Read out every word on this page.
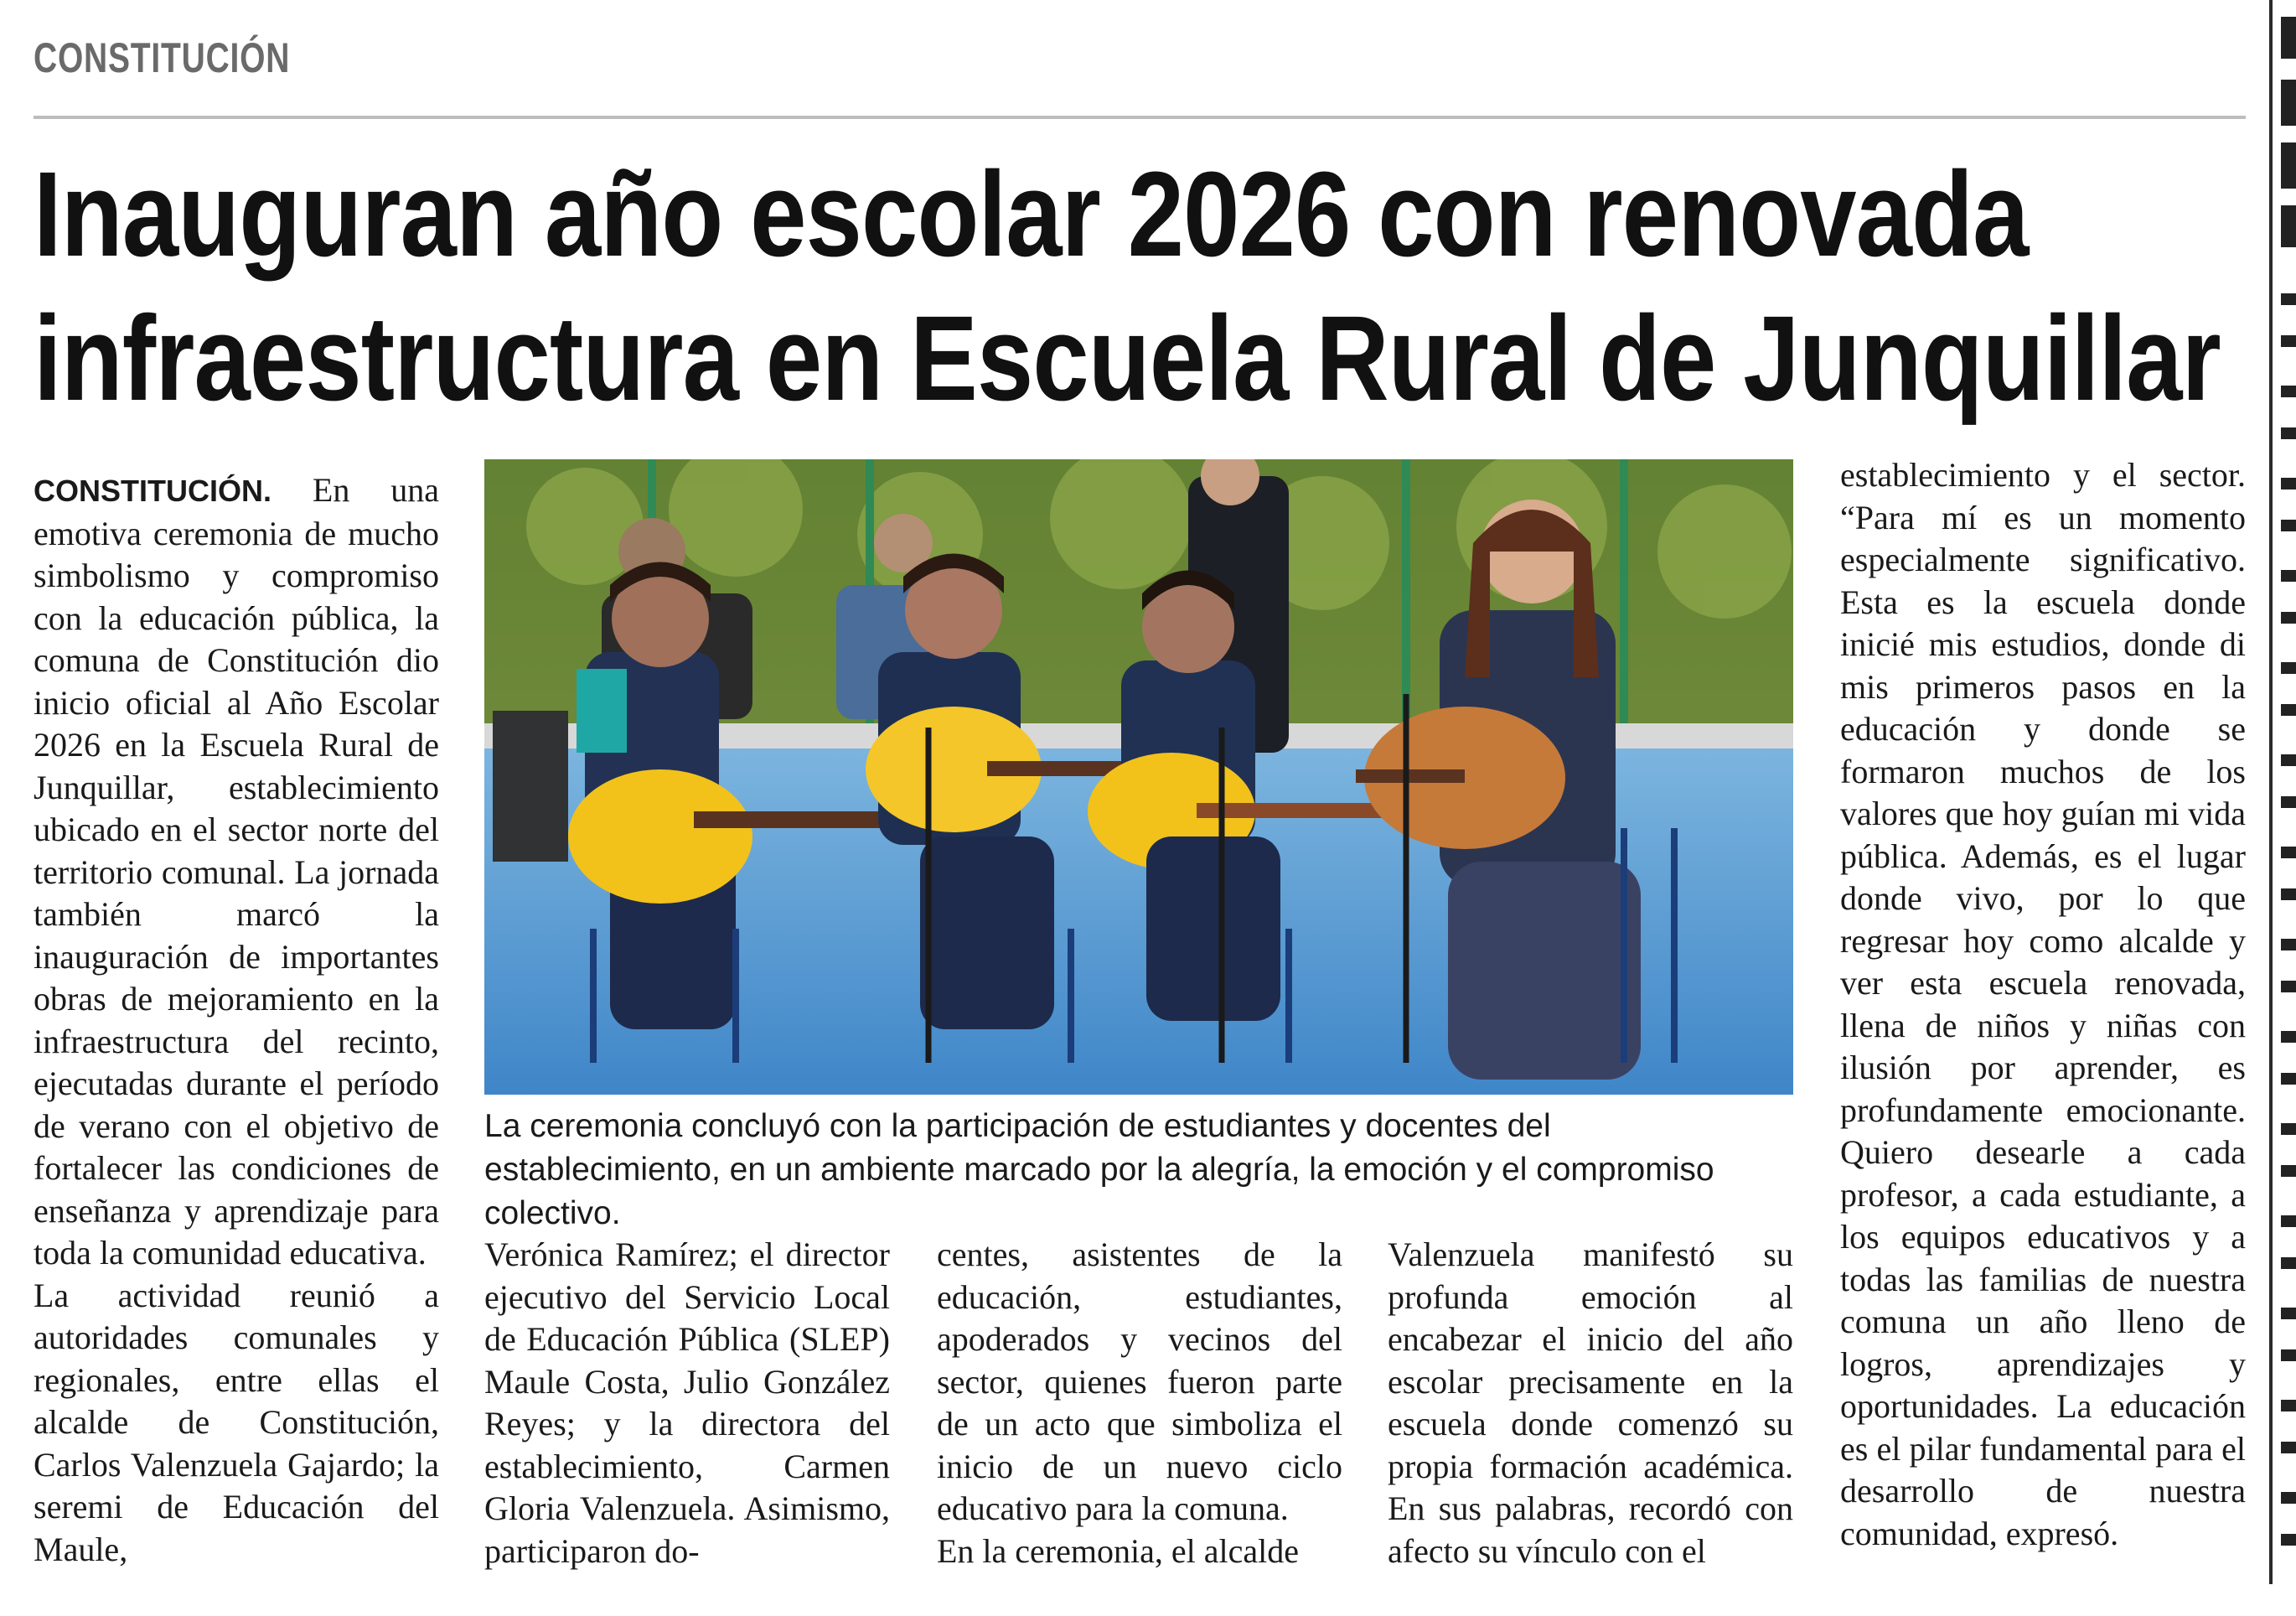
CONSTITUCIÓN
Inauguran año escolar 2026 con renovada
infraestructura en Escuela Rural de Junquillar

CONSTITUCIÓN. En una emotiva ceremonia de mucho simbolismo y compromiso con la educación pública, la comuna de Constitución dio inicio oficial al Año Escolar 2026 en la Escuela Rural de Junquillar, establecimiento ubicado en el sector norte del territorio comunal. La jornada también marcó la inauguración de importantes obras de mejoramiento en la infraestructura del recinto, ejecutadas durante el período de verano con el objetivo de fortalecer las condiciones de enseñanza y aprendizaje para toda la comunidad educativa.

La actividad reunió a autoridades comunales y regionales, entre ellas el alcalde de Constitución, Carlos Valenzuela Gajardo; la seremi de Educación del Maule,

La ceremonia concluyó con la participación de estudiantes y docentes del establecimiento, en un ambiente marcado por la alegría, la emoción y el compromiso colectivo.

Verónica Ramírez; el director ejecutivo del Servicio Local de Educación Pública (SLEP) Maule Costa, Julio González Reyes; y la directora del establecimiento, Carmen Gloria Valenzuela. Asimismo, participaron do-

centes, asistentes de la educación, estudiantes, apoderados y vecinos del sector, quienes fueron parte de un acto que simboliza el inicio de un nuevo ciclo educativo para la comuna.

En la ceremonia, el alcalde

Valenzuela manifestó su profunda emoción al encabezar el inicio del año escolar precisamente en la escuela donde comenzó su propia formación académica. En sus palabras, recordó con afecto su vínculo con el

establecimiento y el sector. “Para mí es un momento especialmente significativo. Esta es la escuela donde inicié mis estudios, donde di mis primeros pasos en la educación y donde se formaron muchos de los valores que hoy guían mi vida pública. Además, es el lugar donde vivo, por lo que regresar hoy como alcalde y ver esta escuela renovada, llena de niños y niñas con ilusión por aprender, es profundamente emocionante. Quiero desearle a cada profesor, a cada estudiante, a los equipos educativos y a todas las familias de nuestra comuna un año lleno de logros, aprendizajes y oportunidades. La educación es el pilar fundamental para el desarrollo de nuestra comunidad, expresó.
